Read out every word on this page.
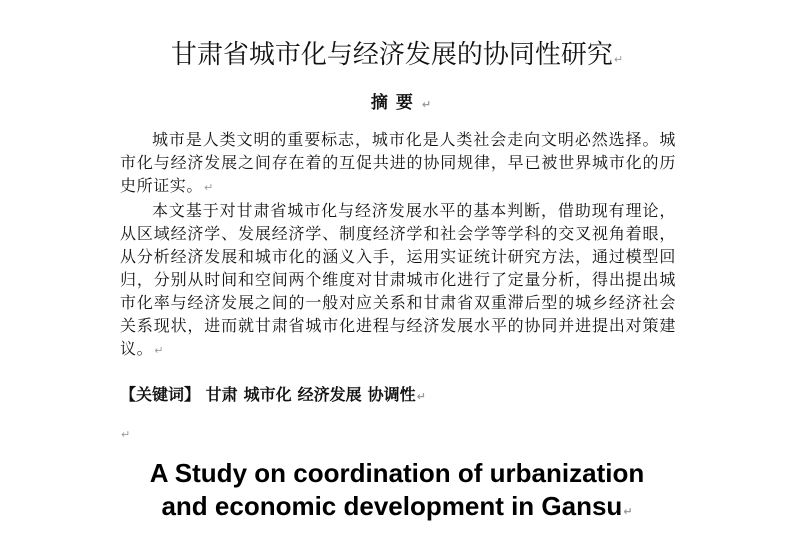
甘肃省城市化与经济发展的协同性研究↵
摘要↵

城市是人类文明的重要标志，城市化是人类社会走向文明必然选择。城市化与经济发展之间存在着的互促共进的协同规律，早已被世界城市化的历史所证实。↵

本文基于对甘肃省城市化与经济发展水平的基本判断，借助现有理论，从区域经济学、发展经济学、制度经济学和社会学等学科的交叉视角着眼，从分析经济发展和城市化的涵义入手，运用实证统计研究方法，通过模型回归，分别从时间和空间两个维度对甘肃城市化进行了定量分析，得出提出城市化率与经济发展之间的一般对应关系和甘肃省双重滞后型的城乡经济社会关系现状，进而就甘肃省城市化进程与经济发展水平的协同并进提出对策建议。↵

【关键词】 甘肃 城市化 经济发展 协调性↵
↵
A Study on coordination of urbanization
and economic development in Gansu↵
